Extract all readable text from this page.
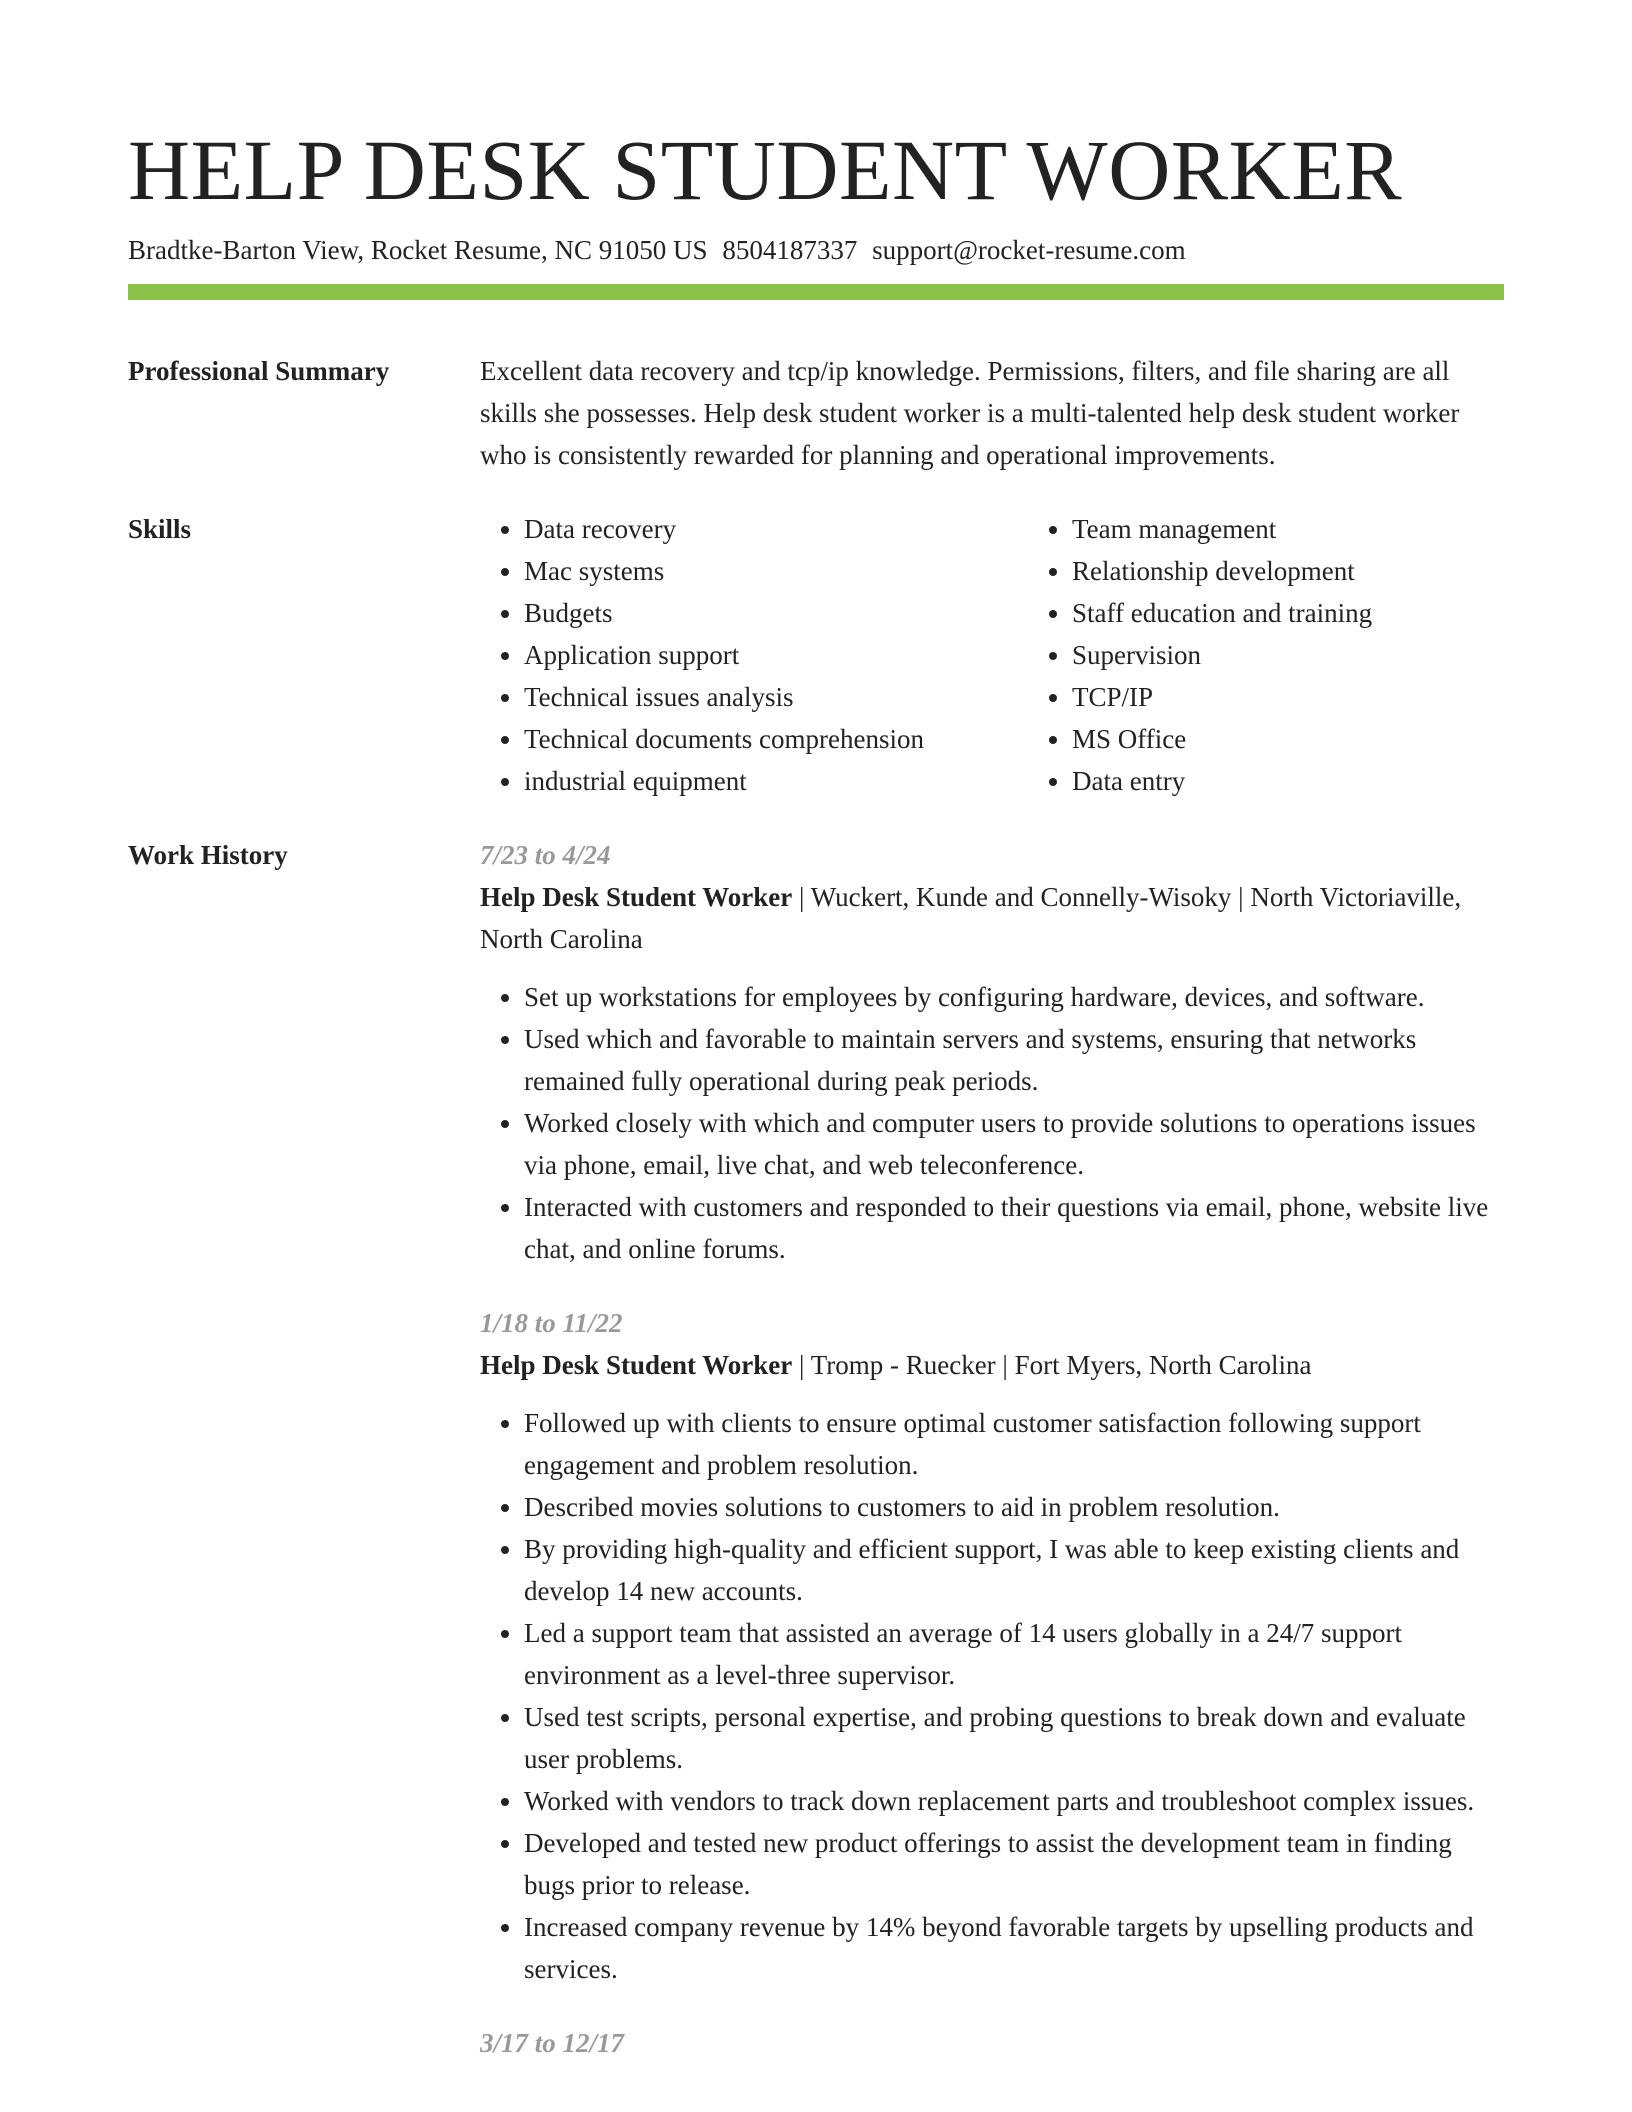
HELP DESK STUDENT WORKER
Bradtke-Barton View, Rocket Resume, NC 91050 US 8504187337 support@rocket-resume.com
Professional Summary	Excellent data recovery and tcp/ip knowledge. Permissions, filters, and file sharing are all skills she possesses. Help desk student worker is a multi-talented help desk student worker who is consistently rewarded for planning and operational improvements.
Skills
•	Data recovery
• Mac systems
• Budgets
• Application support
• Technical issues analysis
• Technical documents comprehension
• industrial equipment
• Team management
• Relationship development
• Staff education and training
• Supervision
• TCP/IP
• MS Office
• Data entry
Work History	7/23 to 4/24
Help Desk Student Worker | Wuckert, Kunde and Connelly-Wisoky | North Victoriaville, North Carolina
• Set up workstations for employees by configuring hardware, devices, and software.
• Used which and favorable to maintain servers and systems, ensuring that networks remained fully operational during peak periods.
• Worked closely with which and computer users to provide solutions to operations issues via phone, email, live chat, and web teleconference.
• Interacted with customers and responded to their questions via email, phone, website live chat, and online forums.
1/18 to 11/22
Help Desk Student Worker | Tromp - Ruecker | Fort Myers, North Carolina
• Followed up with clients to ensure optimal customer satisfaction following support engagement and problem resolution.
• Described movies solutions to customers to aid in problem resolution.
• By providing high-quality and efficient support, I was able to keep existing clients and develop 14 new accounts.
• Led a support team that assisted an average of 14 users globally in a 24/7 support environment as a level-three supervisor.
• Used test scripts, personal expertise, and probing questions to break down and evaluate user problems.
• Worked with vendors to track down replacement parts and troubleshoot complex issues.
• Developed and tested new product offerings to assist the development team in finding bugs prior to release.
• Increased company revenue by 14% beyond favorable targets by upselling products and services.
3/17 to 12/17
